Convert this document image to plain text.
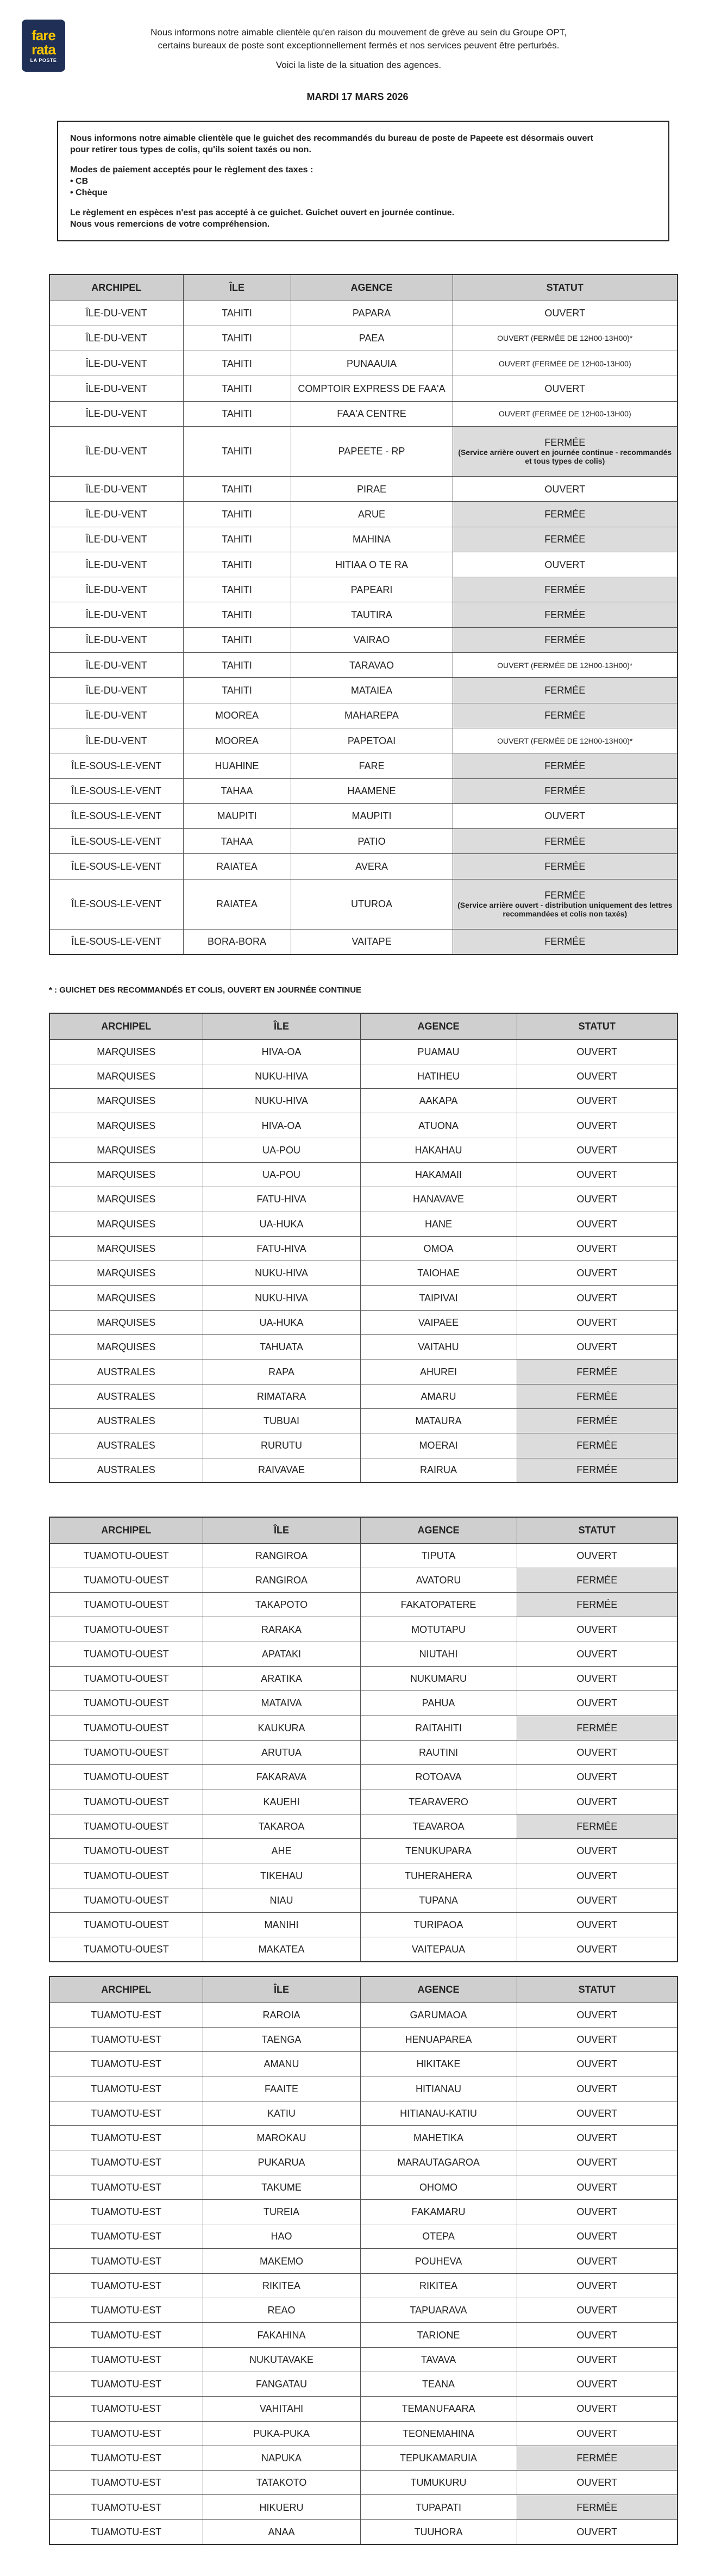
fare
rata
LA POSTE

Nous informons notre aimable clientèle qu'en raison du mouvement de grève au sein du Groupe OPT,

certains bureaux de poste sont exceptionnellement fermés et nos services peuvent être perturbés.

Voici la liste de la situation des agences.

MARDI 17 MARS 2026

Nous informons notre aimable clientèle que le guichet des recommandés du bureau de poste de Papeete est désormais ouvert

pour retirer tous types de colis, qu'ils soient taxés ou non.

Modes de paiement acceptés pour le règlement des taxes :

• CB

• Chèque

Le règlement en espèces n'est pas accepté à ce guichet. Guichet ouvert en journée continue.

Nous vous remercions de votre compréhension.

ARCHIPEL	ÎLE	AGENCE	STATUT
ÎLE-DU-VENT	TAHITI	PAPARA	OUVERT
ÎLE-DU-VENT	TAHITI	PAEA	OUVERT (FERMÉE DE 12H00-13H00)*
ÎLE-DU-VENT	TAHITI	PUNAAUIA	OUVERT (FERMÉE DE 12H00-13H00)
ÎLE-DU-VENT	TAHITI	COMPTOIR EXPRESS DE FAA'A	OUVERT
ÎLE-DU-VENT	TAHITI	FAA'A CENTRE	OUVERT (FERMÉE DE 12H00-13H00)
ÎLE-DU-VENT	TAHITI	PAPEETE - RP	FERMÉE
(Service arrière ouvert en journée continue - recommandés et tous types de colis)

ÎLE-DU-VENT	TAHITI	PIRAE	OUVERT
ÎLE-DU-VENT	TAHITI	ARUE	FERMÉE
ÎLE-DU-VENT	TAHITI	MAHINA	FERMÉE
ÎLE-DU-VENT	TAHITI	HITIAA O TE RA	OUVERT
ÎLE-DU-VENT	TAHITI	PAPEARI	FERMÉE
ÎLE-DU-VENT	TAHITI	TAUTIRA	FERMÉE
ÎLE-DU-VENT	TAHITI	VAIRAO	FERMÉE
ÎLE-DU-VENT	TAHITI	TARAVAO	OUVERT (FERMÉE DE 12H00-13H00)*
ÎLE-DU-VENT	TAHITI	MATAIEA	FERMÉE
ÎLE-DU-VENT	MOOREA	MAHAREPA	FERMÉE
ÎLE-DU-VENT	MOOREA	PAPETOAI	OUVERT (FERMÉE DE 12H00-13H00)*
ÎLE-SOUS-LE-VENT	HUAHINE	FARE	FERMÉE
ÎLE-SOUS-LE-VENT	TAHAA	HAAMENE	FERMÉE
ÎLE-SOUS-LE-VENT	MAUPITI	MAUPITI	OUVERT
ÎLE-SOUS-LE-VENT	TAHAA	PATIO	FERMÉE
ÎLE-SOUS-LE-VENT	RAIATEA	AVERA	FERMÉE
ÎLE-SOUS-LE-VENT	RAIATEA	UTUROA	FERMÉE
(Service arrière ouvert - distribution uniquement des lettres recommandées et colis non taxés)

ÎLE-SOUS-LE-VENT	BORA-BORA	VAITAPE	FERMÉE
* : GUICHET DES RECOMMANDÉS ET COLIS, OUVERT EN JOURNÉE CONTINUE
ARCHIPEL	ÎLE	AGENCE	STATUT
MARQUISES	HIVA-OA	PUAMAU	OUVERT
MARQUISES	NUKU-HIVA	HATIHEU	OUVERT
MARQUISES	NUKU-HIVA	AAKAPA	OUVERT
MARQUISES	HIVA-OA	ATUONA	OUVERT
MARQUISES	UA-POU	HAKAHAU	OUVERT
MARQUISES	UA-POU	HAKAMAII	OUVERT
MARQUISES	FATU-HIVA	HANAVAVE	OUVERT
MARQUISES	UA-HUKA	HANE	OUVERT
MARQUISES	FATU-HIVA	OMOA	OUVERT
MARQUISES	NUKU-HIVA	TAIOHAE	OUVERT
MARQUISES	NUKU-HIVA	TAIPIVAI	OUVERT
MARQUISES	UA-HUKA	VAIPAEE	OUVERT
MARQUISES	TAHUATA	VAITAHU	OUVERT
AUSTRALES	RAPA	AHUREI	FERMÉE
AUSTRALES	RIMATARA	AMARU	FERMÉE
AUSTRALES	TUBUAI	MATAURA	FERMÉE
AUSTRALES	RURUTU	MOERAI	FERMÉE
AUSTRALES	RAIVAVAE	RAIRUA	FERMÉE
ARCHIPEL	ÎLE	AGENCE	STATUT
TUAMOTU-OUEST	RANGIROA	TIPUTA	OUVERT
TUAMOTU-OUEST	RANGIROA	AVATORU	FERMÉE
TUAMOTU-OUEST	TAKAPOTO	FAKATOPATERE	FERMÉE
TUAMOTU-OUEST	RARAKA	MOTUTAPU	OUVERT
TUAMOTU-OUEST	APATAKI	NIUTAHI	OUVERT
TUAMOTU-OUEST	ARATIKA	NUKUMARU	OUVERT
TUAMOTU-OUEST	MATAIVA	PAHUA	OUVERT
TUAMOTU-OUEST	KAUKURA	RAITAHITI	FERMÉE
TUAMOTU-OUEST	ARUTUA	RAUTINI	OUVERT
TUAMOTU-OUEST	FAKARAVA	ROTOAVA	OUVERT
TUAMOTU-OUEST	KAUEHI	TEARAVERO	OUVERT
TUAMOTU-OUEST	TAKAROA	TEAVAROA	FERMÉE
TUAMOTU-OUEST	AHE	TENUKUPARA	OUVERT
TUAMOTU-OUEST	TIKEHAU	TUHERAHERA	OUVERT
TUAMOTU-OUEST	NIAU	TUPANA	OUVERT
TUAMOTU-OUEST	MANIHI	TURIPAOA	OUVERT
TUAMOTU-OUEST	MAKATEA	VAITEPAUA	OUVERT
ARCHIPEL	ÎLE	AGENCE	STATUT
TUAMOTU-EST	RAROIA	GARUMAOA	OUVERT
TUAMOTU-EST	TAENGA	HENUAPAREA	OUVERT
TUAMOTU-EST	AMANU	HIKITAKE	OUVERT
TUAMOTU-EST	FAAITE	HITIANAU	OUVERT
TUAMOTU-EST	KATIU	HITIANAU-KATIU	OUVERT
TUAMOTU-EST	MAROKAU	MAHETIKA	OUVERT
TUAMOTU-EST	PUKARUA	MARAUTAGAROA	OUVERT
TUAMOTU-EST	TAKUME	OHOMO	OUVERT
TUAMOTU-EST	TUREIA	FAKAMARU	OUVERT
TUAMOTU-EST	HAO	OTEPA	OUVERT
TUAMOTU-EST	MAKEMO	POUHEVA	OUVERT
TUAMOTU-EST	RIKITEA	RIKITEA	OUVERT
TUAMOTU-EST	REAO	TAPUARAVA	OUVERT
TUAMOTU-EST	FAKAHINA	TARIONE	OUVERT
TUAMOTU-EST	NUKUTAVAKE	TAVAVA	OUVERT
TUAMOTU-EST	FANGATAU	TEANA	OUVERT
TUAMOTU-EST	VAHITAHI	TEMANUFAARA	OUVERT
TUAMOTU-EST	PUKA-PUKA	TEONEMAHINA	OUVERT
TUAMOTU-EST	NAPUKA	TEPUKAMARUIA	FERMÉE
TUAMOTU-EST	TATAKOTO	TUMUKURU	OUVERT
TUAMOTU-EST	HIKUERU	TUPAPATI	FERMÉE
TUAMOTU-EST	ANAA	TUUHORA	OUVERT
